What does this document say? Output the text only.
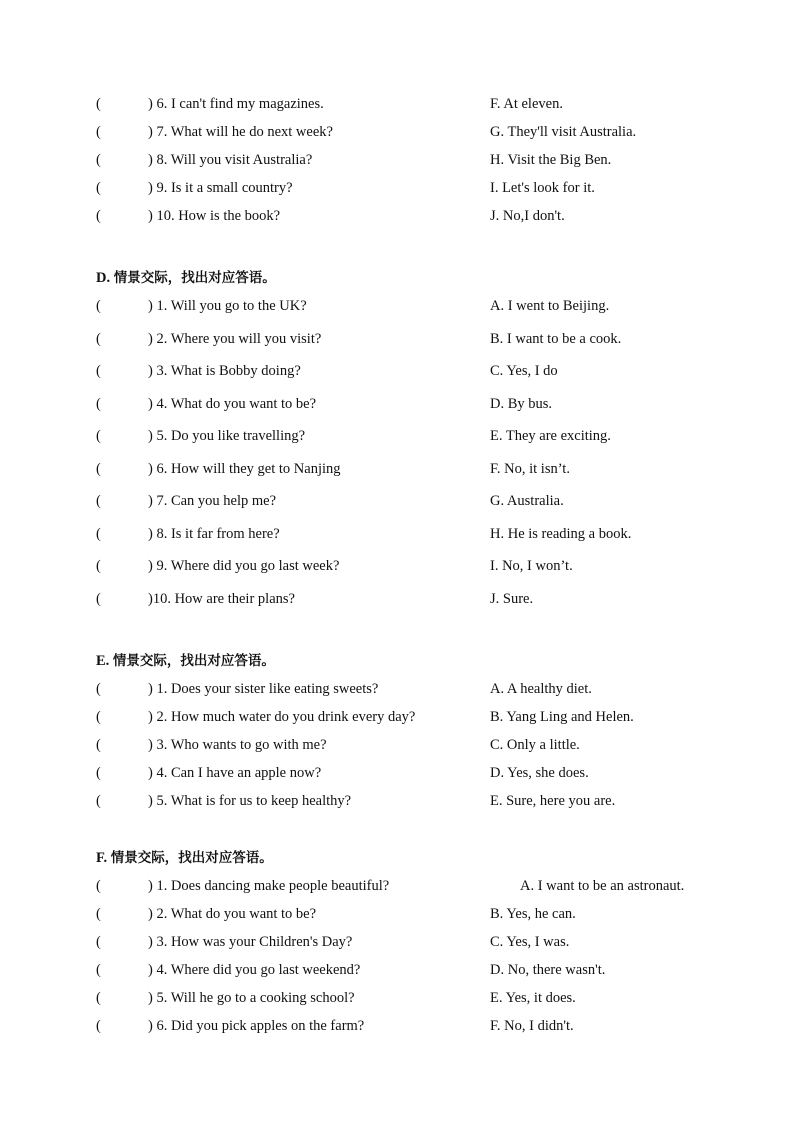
(	) 6. I can't find my magazines.	F. At eleven.
(	) 7. What will he do next week?	G. They'll visit Australia.
(	) 8. Will you visit Australia?	H. Visit the Big Ben.
(	) 9. Is it a small country?	I. Let's look for it.
(	) 10. How is the book?	J. No,I don't.
D. 情景交际，找出对应答语。
(	) 1. Will you go to the UK?	A. I went to Beijing.
(	) 2. Where you will you visit?	B. I want to be a cook.
(	) 3. What is Bobby doing?	C. Yes, I do
(	) 4. What do you want to be?	D. By bus.
(	) 5. Do you like travelling?	E. They are exciting.
(	) 6. How will they get to Nanjing	F. No, it isn’t.
(	) 7. Can you help me?	G. Australia.
(	) 8. Is it far from here?	H. He is reading a book.
(	) 9. Where did you go last week?	I. No, I won’t.
(	)10. How are their plans?	J. Sure.
E. 情景交际，找出对应答语。
(	) 1. Does your sister like eating sweets?	A. A healthy diet.
(	) 2. How much water do you drink every day?	B. Yang Ling and Helen.
(	) 3. Who wants to go with me?	C. Only a little.
(	) 4. Can I have an apple now?	D. Yes, she does.
(	) 5. What is for us to keep healthy?	E. Sure, here you are.
F. 情景交际，找出对应答语。
(	) 1. Does dancing make people beautiful?	A. I want to be an astronaut.
(	) 2. What do you want to be?	B. Yes, he can.
(	) 3. How was your Children's Day?	C. Yes, I was.
(	) 4. Where did you go last weekend?	D. No, there wasn't.
(	) 5. Will he go to a cooking school?	E. Yes, it does.
(	) 6. Did you pick apples on the farm?	F. No, I didn't.
